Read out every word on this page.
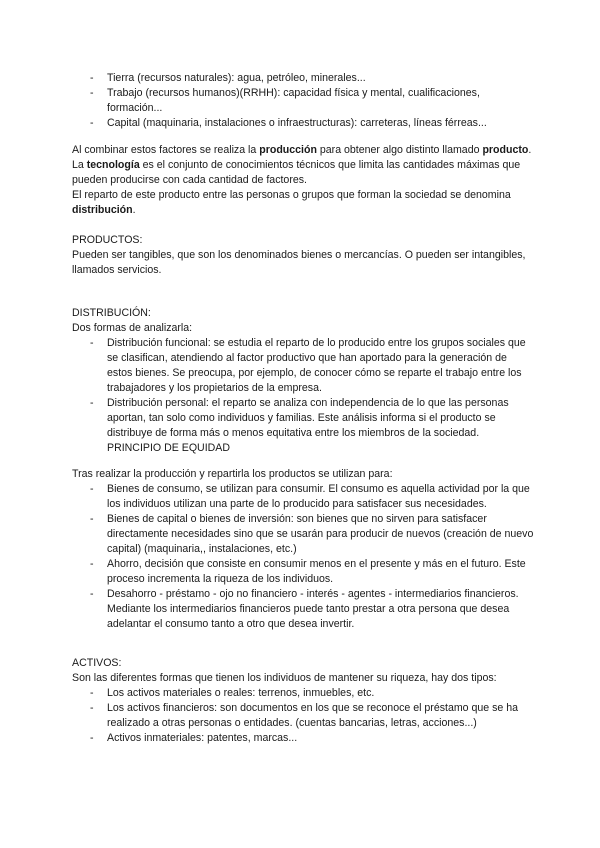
- Tierra (recursos naturales): agua, petróleo, minerales...
- Trabajo (recursos humanos)(RRHH): capacidad física y mental, cualificaciones, formación...
- Capital (maquinaria, instalaciones o infraestructuras): carreteras, líneas férreas...

Al combinar estos factores se realiza la producción para obtener algo distinto llamado producto. La tecnología es el conjunto de conocimientos técnicos que limita las cantidades máximas que pueden producirse con cada cantidad de factores.

El reparto de este producto entre las personas o grupos que forman la sociedad se denomina distribución.

PRODUCTOS:

Pueden ser tangibles, que son los denominados bienes o mercancías. O pueden ser intangibles, llamados servicios.

DISTRIBUCIÓN:

Dos formas de analizarla:

- Distribución funcional: se estudia el reparto de lo producido entre los grupos sociales que se clasifican, atendiendo al factor productivo que han aportado para la generación de estos bienes. Se preocupa, por ejemplo, de conocer cómo se reparte el trabajo entre los trabajadores y los propietarios de la empresa.
- Distribución personal: el reparto se analiza con independencia de lo que las personas aportan, tan solo como individuos y familias. Este análisis informa si el producto se distribuye de forma más o menos equitativa entre los miembros de la sociedad. PRINCIPIO DE EQUIDAD

Tras realizar la producción y repartirla los productos se utilizan para:

- Bienes de consumo, se utilizan para consumir. El consumo es aquella actividad por la que los individuos utilizan una parte de lo producido para satisfacer sus necesidades.
- Bienes de capital o bienes de inversión: son bienes que no sirven para satisfacer directamente necesidades sino que se usarán para producir de nuevos (creación de nuevo capital) (maquinaria,, instalaciones, etc.)
- Ahorro, decisión que consiste en consumir menos en el presente y más en el futuro. Este proceso incrementa la riqueza de los individuos.
- Desahorro - préstamo - ojo no financiero - interés - agentes - intermediarios financieros. Mediante los intermediarios financieros puede tanto prestar a otra persona que desea adelantar el consumo tanto a otro que desea invertir.

ACTIVOS:

Son las diferentes formas que tienen los individuos de mantener su riqueza, hay dos tipos:

- Los activos materiales o reales: terrenos, inmuebles, etc.
- Los activos financieros: son documentos en los que se reconoce el préstamo que se ha realizado a otras personas o entidades. (cuentas bancarias, letras, acciones...)
- Activos inmateriales: patentes, marcas...
